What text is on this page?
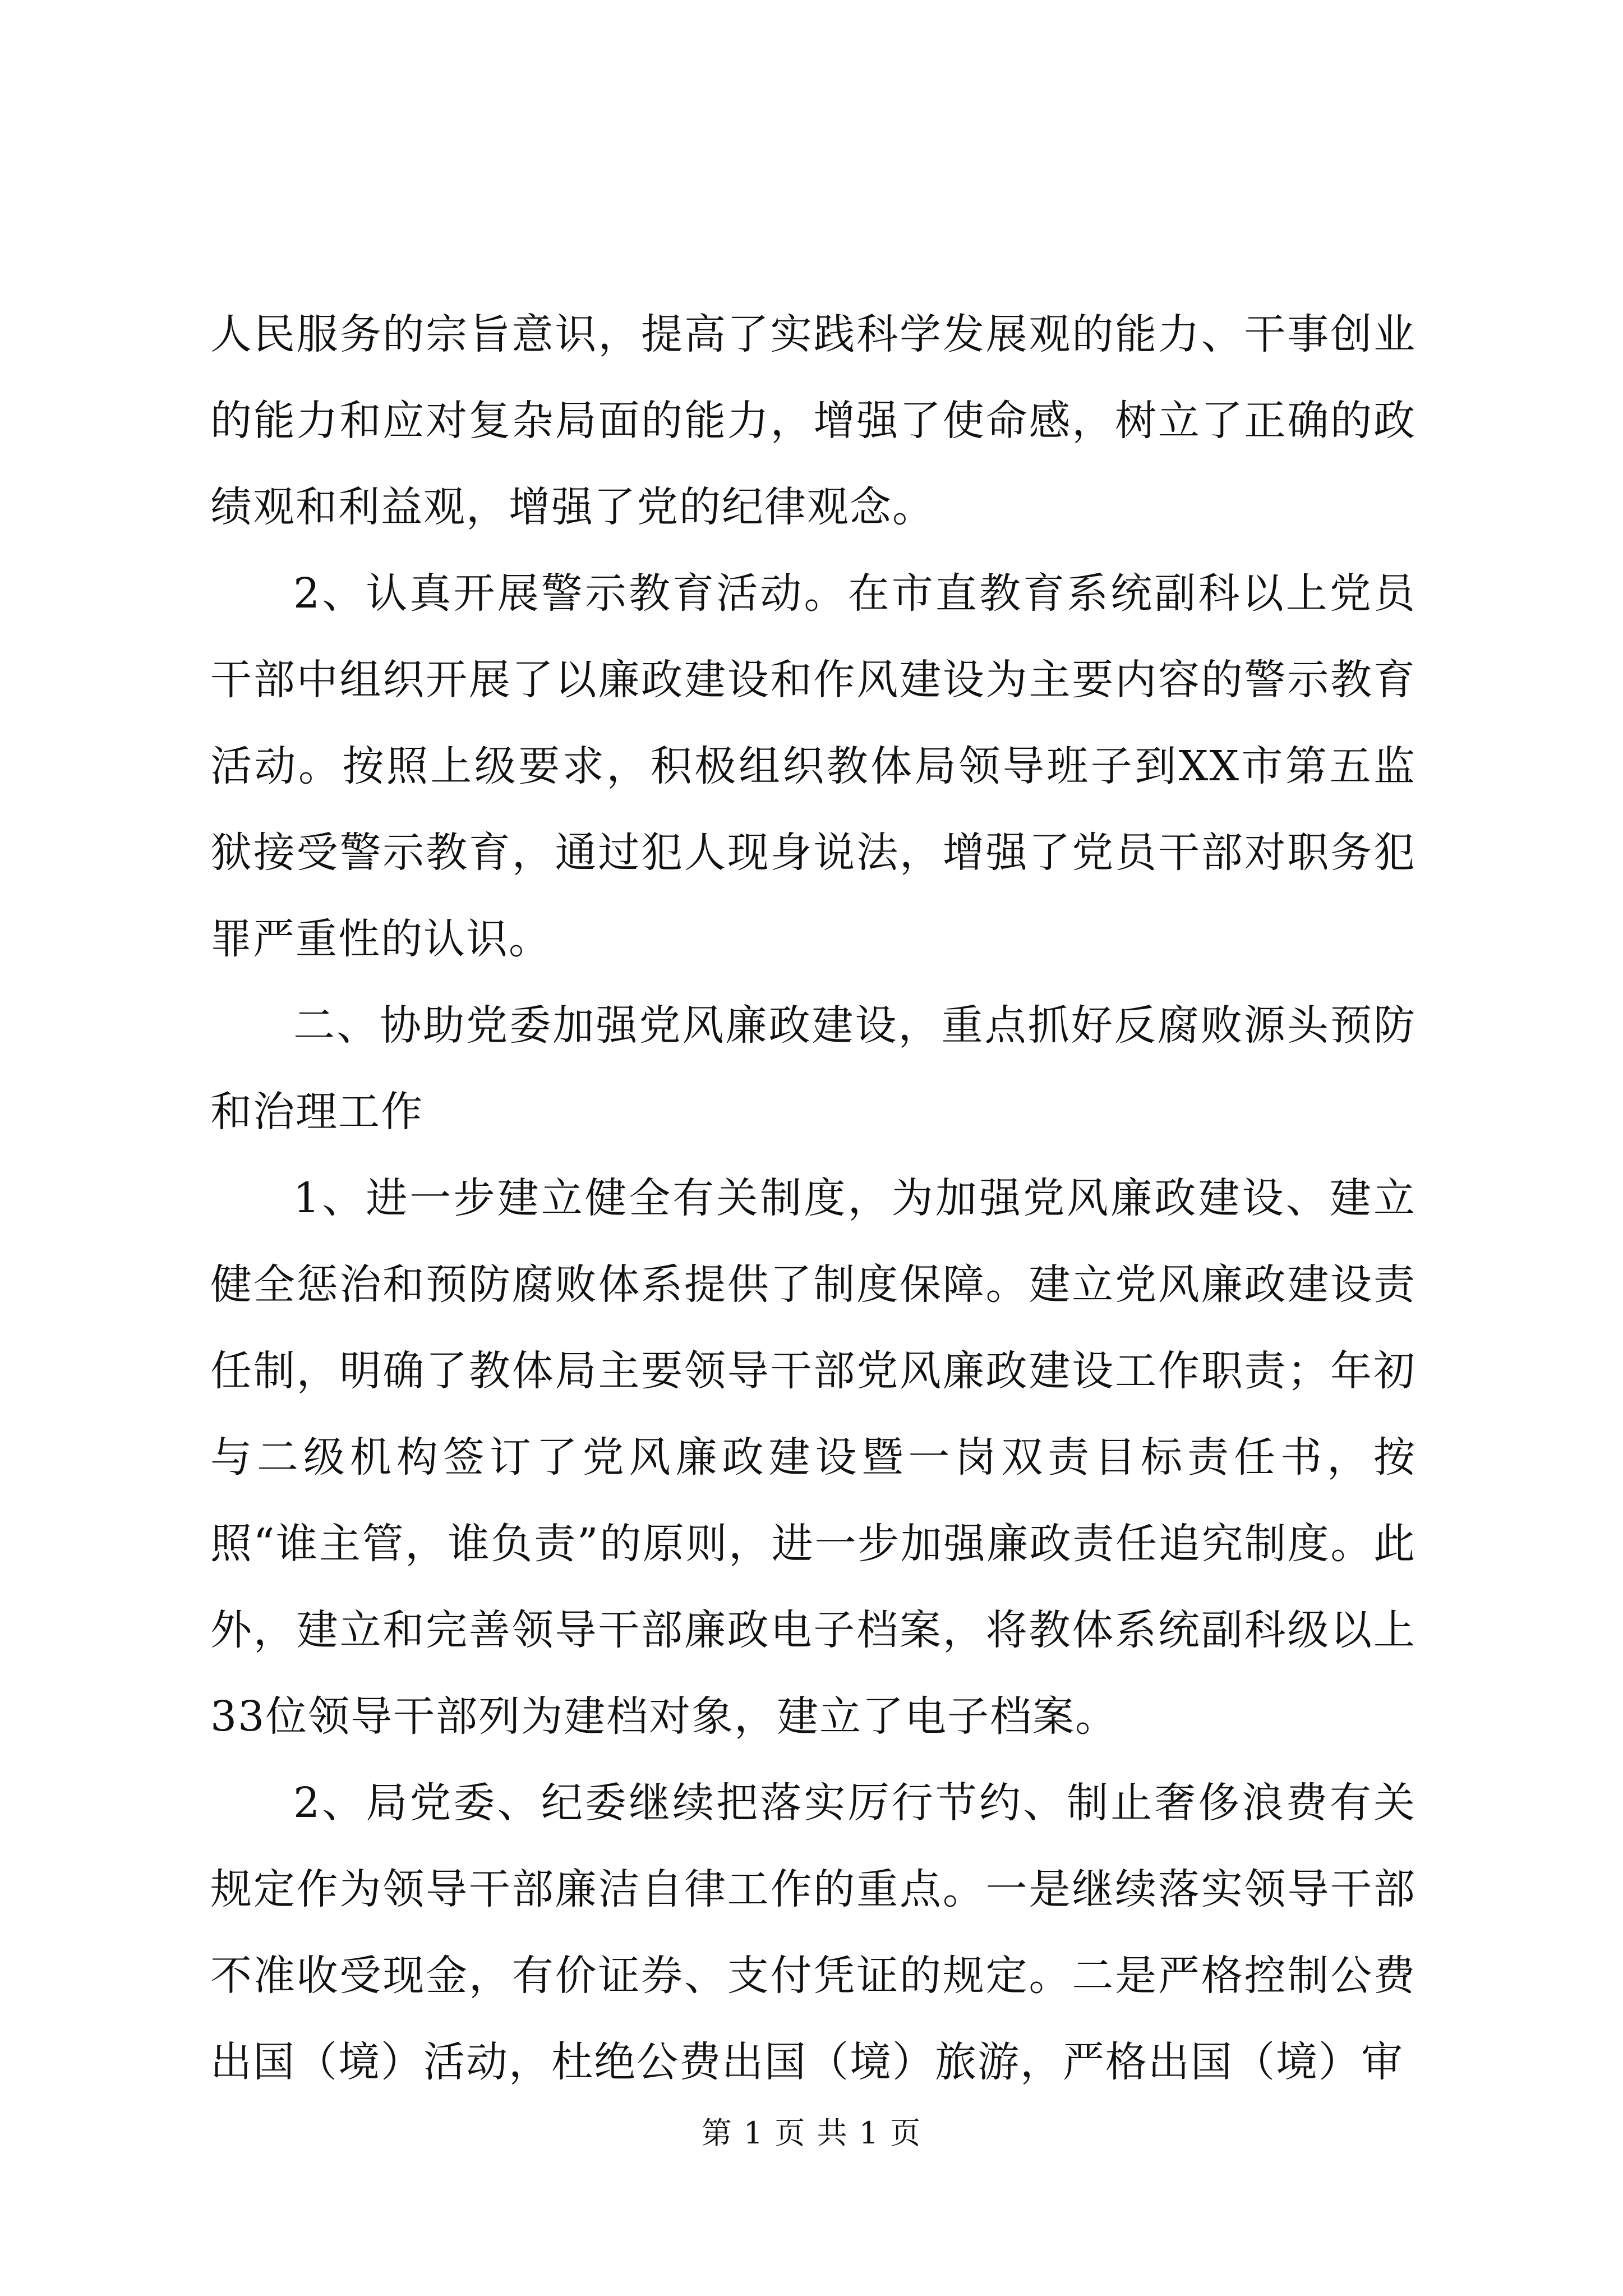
人民服务的宗旨意识，提高了实践科学发展观的能力、干事创业的能力和应对复杂局面的能力，增强了使命感，树立了正确的政绩观和利益观，增强了党的纪律观念。

2、认真开展警示教育活动。在市直教育系统副科以上党员干部中组织开展了以廉政建设和作风建设为主要内容的警示教育活动。按照上级要求，积极组织教体局领导班子到XX市第五监狱接受警示教育，通过犯人现身说法，增强了党员干部对职务犯罪严重性的认识。

二、协助党委加强党风廉政建设，重点抓好反腐败源头预防和治理工作

1、进一步建立健全有关制度，为加强党风廉政建设、建立健全惩治和预防腐败体系提供了制度保障。建立党风廉政建设责任制，明确了教体局主要领导干部党风廉政建设工作职责；年初与二级机构签订了党风廉政建设暨一岗双责目标责任书，按照“谁主管，谁负责”的原则，进一步加强廉政责任追究制度。此外，建立和完善领导干部廉政电子档案，将教体系统副科级以上33位领导干部列为建档对象，建立了电子档案。

2、局党委、纪委继续把落实厉行节约、制止奢侈浪费有关规定作为领导干部廉洁自律工作的重点。一是继续落实领导干部不准收受现金，有价证券、支付凭证的规定。二是严格控制公费出国（境）活动，杜绝公费出国（境）旅游，严格出国（境）审

第 1 页 共 1 页
